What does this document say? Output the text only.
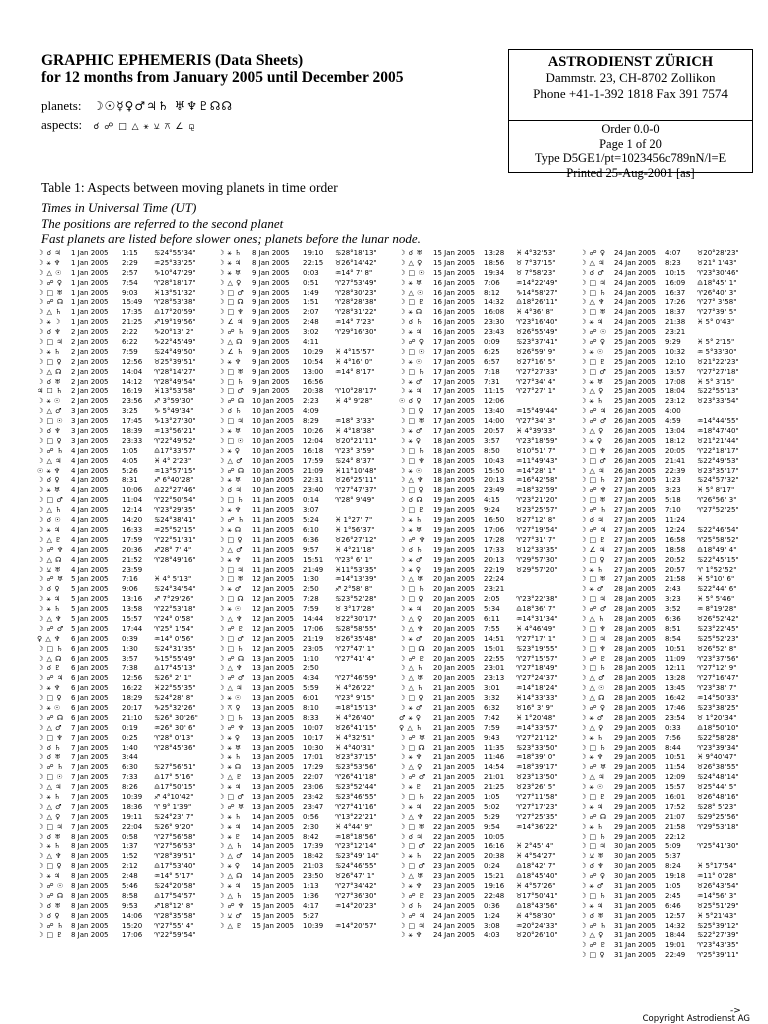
GRAPHIC EPHEMERIS (Data Sheets)
for 12 months from January 2005 until December 2005
planets: ☽☉☿♀♂♃♄ ♅♆♇☊☊
aspects: ☌ ☍ □ △ ⚹ ⚺ ⚻ ∠ ⚼
ASTRODIENST ZÜRICH
Dammstr. 23, CH-8702 Zollikon
Phone +41-1-392 1818 Fax 391 7574
Order 0.0-0
Page 1 of 20
Type D5GE1/pt=1023456c789nN/l=E
Printed 25-Aug-2001 [as]
Table 1: Aspects between moving planets in time order
Times in Universal Time (UT)
The positions are referred to the second planet
Fast planets are listed before slower ones; planets before the lunar node.
☽ ☌ ♃	1 Jan 2005 1:15 ♋24°55'34"
☽ ⚹ ♆	1 Jan 2005 2:29 ♒25°33'25"
☽ △ ☉	1 Jan 2005 2:57 ♑10°47'29"
☽ ☍ ♀	1 Jan 2005 7:54 ♈28°18'17"
☽ □ ♅	1 Jan 2005 9:03 ♓13°51'32"
☽ ☍ ☊	1 Jan 2005 15:49 ♈28°53'38"
☽ △ ♄	1 Jan 2005 17:35 ♎17°20'59"
☽ ⚹ ☽	1 Jan 2005 21:25 ♐19°19'56"
☽ ☌ ♆	2 Jan 2005 2:22 ♑20°13' 2"
☽ □ ♃	2 Jan 2005 6:22 ♑22°45'49"
☽ ⚹ ♄	2 Jan 2005 7:59 ♋24°49'50"
☽ □ ♀	2 Jan 2005 12:56 ♉25°39'51"
☽ △ ☊	2 Jan 2005 14:04 ♈28°14'27"
☽ ☌ ♅	2 Jan 2005 14:12 ♈28°49'54"
♃ ☐ ♄	2 Jan 2005 16:19 ♓13°53'58"
☽ ⚹ ☉	2 Jan 2005 23:56 ♐ 3°59'30"
☽ △ ♂	3 Jan 2005 3:25 ♑ 5°49'34"
☽ □ ☉	3 Jan 2005 17:45 ♑13°27'30"
☽ ☌ ♆	3 Jan 2005 18:39 ♒13°56'21"
☽ □ ♀	3 Jan 2005 23:33 ♈22°49'52"
☽ ☍ ♄	4 Jan 2005 1:05 ♎17°33'57"
☽ △ ♃	4 Jan 2005 4:05 ♓ 4° 2'23"
☉ ⚹ ♆	4 Jan 2005 5:26 ♒13°57'15"
☽ ☌ ♀	4 Jan 2005 8:31 ♐ 6°40'28"
☽ ⚹ ♅	4 Jan 2005 10:06 ♎22°27'46"
☽ □ ♂	4 Jan 2005 11:04 ♈22°50'54"
☽ △ ♄	4 Jan 2005 12:14 ♈23°29'35"
☽ ☌ ☉	4 Jan 2005 14:20 ♋24°38'41"
☽ ⚹ ♃	4 Jan 2005 16:33 ♒25°52'15"
☽ △ ♇	4 Jan 2005 17:59 ♈22°51'31"
☽ ☍ ♆	4 Jan 2005 20:36 ♐28° 7' 4"
☽ △ ☊	4 Jan 2005 21:52 ♈28°49'16"
☽ ⚺ ♅	4 Jan 2005 23:59
☽ ☍ ♅	5 Jan 2005 7:16 ♓ 4° 5'13"
☽ ☌ ♀	5 Jan 2005 9:06 ♋24°34'54"
☽ ⚹ ♃	5 Jan 2005 13:16 ♐ 7°29'26"
☽ ⚹ ♄	5 Jan 2005 13:58 ♈22°53'18"
☽ △ ♆	5 Jan 2005 15:57 ♈24° 0'58"
☽ ☍ ♂	5 Jan 2005 17:44 ♈25° 1'54"
♀ △ ♆	6 Jan 2005 0:39 ♒14° 0'56"
☽ □ ♄	6 Jan 2005 1:30 ♋24°31'35"
☽ △ ☊	6 Jan 2005 3:57 ♑15°55'49"
☽ ☌ ♇	6 Jan 2005 7:38 ♎17°45'13"
☽ ☍ ♃	6 Jan 2005 12:56 ♋26° 2' 1"
☽ ⚹ ♆	6 Jan 2005 16:22 ♓22°55'35"
☽ □ ♀	6 Jan 2005 18:29 ♋24°28' 8"
☽ ⚹ ☉	6 Jan 2005 20:17 ♑25°32'26"
☽ ☍ ☊	6 Jan 2005 21:10 ♋26° 30'26"
☽ △ ♂	7 Jan 2005 0:19 ♒26° 30' 6"
☽ □ ♆	7 Jan 2005 0:25 ♈28° 0'13"
☽ ☌ ♄	7 Jan 2005 1:40 ♈28°45'36"
☽ ☌ ♅	7 Jan 2005 3:44
☽ ☍ ♄	7 Jan 2005 6:30 ♋27°56'51"
☽ □ ☉	7 Jan 2005 7:33 ♎17° 5'16"
☽ △ ♃	7 Jan 2005 8:26 ♎17°50'15"
☽ ⚹ ♄	7 Jan 2005 10:39 ♐ 4°10'42"
☽ △ ♂	7 Jan 2005 18:36 ♈ 9° 1'39"
☽ △ ♀	7 Jan 2005 19:11 ♋24°23' 7"
☽ □ ♃	7 Jan 2005 22:04 ♋26° 9'20"
☽ ☌ ♅	8 Jan 2005 0:58 ♈27°56'58"
☽ ⚹ ♄	8 Jan 2005 1:37 ♈27°56'53"
☽ △ ♆	8 Jan 2005 1:52 ♈28°39'51"
☽ □ ♀	8 Jan 2005 2:12 ♎17°53'40"
☽ ⚹ ♃	8 Jan 2005 2:48 ♒14° 5'17"
☽ ☍ ☉	8 Jan 2005 5:46 ♋24°20'58"
☽ ☍ ☊	8 Jan 2005 8:58 ♎17°54'57"
☽ ☌ ♅	8 Jan 2005 9:53 ♐18°12' 8"
☽ ☌ ♀	8 Jan 2005 14:06 ♈28°35'58"
☽ ☍ ♄	8 Jan 2005 15:20 ♈27°55' 4"
☽ □ ♇	8 Jan 2005 17:06 ♈22°59'54"
☽ ⚹ ♄	8 Jan 2005 19:10 ♋28°18'13"
☽ ⚹ ♃	8 Jan 2005 22:15 ♉26°14'42"
☽ ⚹ ♅	9 Jan 2005 0:03 ♒14° 7' 8"
☽ △ ♀	9 Jan 2005 0:51 ♈27°53'49"
☽ □ ♂	9 Jan 2005 1:49 ♈28°30'23"
☽ □ ☊	9 Jan 2005 1:51 ♈28°28'38"
☽ □ ♆	9 Jan 2005 2:07 ♈28°31'22"
☽ ∠ ♃	9 Jan 2005 2:48 ♒14° 7'23"
☽ ☍ ♄	9 Jan 2005 3:02 ♈29°16'30"
☽ △ ☊	9 Jan 2005 4:11
☽ ∠ ♄	9 Jan 2005 10:29 ♓ 4°15'57"
☽ ⚹ ♆	9 Jan 2005 10:54 ♓ 4°16' 0"
☽ □ ♅	9 Jan 2005 13:00 ♒14° 8'17"
☽ □ ♄	9 Jan 2005 16:56
☽ □ ♂	9 Jan 2005 20:38 ♈10°28'17"
☽ ☍ ☊	10 Jan 2005 2:23 ♓ 4° 9'28"
☽ ☌ ♄	10 Jan 2005 4:09
☽ □ ♃	10 Jan 2005 8:29 ♒18° 3'33"
☽ ⚹ ♅	10 Jan 2005 10:26 ♓ 4°18'38"
☽ □ ☉	10 Jan 2005 12:04 ♉20°21'11"
☽ ⚹ ♀	10 Jan 2005 16:18 ♈23° 3'59"
☽ △ ♂	10 Jan 2005 17:59 ♋24° 8'37"
☽ ☍ ☊	10 Jan 2005 21:09 ♓11°10'48"
☽ ⚹ ♅	10 Jan 2005 22:31 ♉26°25'11"
☽ ☌ ♃	10 Jan 2005 23:40 ♈27°47'37"
☽ □ ♄	11 Jan 2005 0:14 ♈28° 9'49"
☽ ⚹ ♆	11 Jan 2005 3:07
☽ ☍ ♄	11 Jan 2005 5:24 ♓ 1°27' 7"
☽ ⚹ ☊	11 Jan 2005 6:10 ♓ 1°56'37"
☽ □ ♀	11 Jan 2005 6:36 ♉26°27'12"
☽ △ ♂	11 Jan 2005 9:57 ♓ 4°21'18"
☽ ⚹ ♆	11 Jan 2005 15:51 ♈23° 6' 1"
☽ □ ♃	11 Jan 2005 21:49 ♓11°53'35"
☽ □ ♅	12 Jan 2005 1:30 ♒14°13'39"
☽ ⚹ ♂	12 Jan 2005 2:50 ♐ 2°58' 8"
☽ □ ☊	12 Jan 2005 7:28 ♋23°52'28"
☽ ⚹ ☉	12 Jan 2005 7:59 ♉ 3°17'28"
☽ △ ♆	12 Jan 2005 14:44 ♉22°30'17"
☽ ☍ ♇	12 Jan 2005 17:06 ♋28°58'55"
☽ □ ♂	12 Jan 2005 21:19 ♉26°35'48"
☽ □ ♄	12 Jan 2005 23:05 ♈27°47' 1"
☽ ☍ ☊	13 Jan 2005 1:10 ♈27°41' 4"
☽ △ ♆	13 Jan 2005 2:50
☽ ☍ ♂	13 Jan 2005 4:34 ♈27°46'59"
☽ △ ♃	13 Jan 2005 5:59 ♓ 4°26'22"
☽ ⚹ ☉	13 Jan 2005 6:01 ♈23° 9'15"
☽ ⚻ ♀	13 Jan 2005 8:10 ♒18°15'13"
☽ □ ♄	13 Jan 2005 8:33 ♓ 4°26'40"
☽ ☍ ♆	13 Jan 2005 10:07 ♉26°41'15"
☽ ⚹ ♀	13 Jan 2005 10:17 ♓ 4°32'51"
☽ ⚹ ♅	13 Jan 2005 10:30 ♓ 4°40'31"
☽ ⚹ ♄	13 Jan 2005 17:01 ♉23°37'15"
☽ ⚹ ☊	13 Jan 2005 17:29 ♋23°53'56"
☽ △ ♇	13 Jan 2005 22:07 ♈26°41'18"
☽ ⚹ ♃	13 Jan 2005 23:06 ♋23°52'44"
☽ □ ♂	13 Jan 2005 23:42 ♋23°46'55"
☽ ☍ ♅	13 Jan 2005 23:47 ♈27°41'16"
☽ ⚹ ♄	14 Jan 2005 0:56 ♈13°22'21"
☽ ⚹ ♃	14 Jan 2005 2:30 ♓ 4°44' 9"
☽ ⚹ ♇	14 Jan 2005 8:42 ♒18°18'56"
☽ △ ♄	14 Jan 2005 17:39 ♈23°12'14"
☽ △ ♂	14 Jan 2005 18:42 ♋23°49' 14"
☽ ⚹ ♀	14 Jan 2005 21:03 ♋24°46'55"
☽ △ ☊	14 Jan 2005 23:50 ♉26°47' 1"
☽ ⚹ ♃	15 Jan 2005 1:13 ♈27°34'42"
☽ △ ♄	15 Jan 2005 1:36 ♈27°36'30"
☽ ☍ ♆	15 Jan 2005 4:17 ♒14°20'23"
☽ ⚺ ♂	15 Jan 2005 5:27
☽ △ ♇	15 Jan 2005 10:39 ♒14°20'57"
☽ ☌ ♅	15 Jan 2005 13:28 ♓ 4°32'53"
☽ △ ♀	15 Jan 2005 18:56 ♉ 7°37'15"
☽ □ ☉	15 Jan 2005 19:34 ♉ 7°58'23"
☽ ⚹ ♅	16 Jan 2005 7:06 ♒14°22'49"
☽ △ ☉	16 Jan 2005 8:12 ♑14°58'27"
☽ □ ♇	16 Jan 2005 14:32 ♎18°26'11"
☽ ⚹ ☊	16 Jan 2005 16:08 ♓ 4°36' 8"
☽ ☌ ♄	16 Jan 2005 23:30 ♈23°16'40"
☽ ⚹ ♃	16 Jan 2005 23:43 ♉26°55'49"
☽ ☍ ♀	17 Jan 2005 0:09 ♋23°37'41"
☽ □ ☉	17 Jan 2005 6:25 ♉26°59' 9"
☽ ⚹ ☉	17 Jan 2005 6:57 ♉27°16' 5"
☽ □ ♄	17 Jan 2005 7:18 ♈27°27'33"
☽ ⚹ ♂	17 Jan 2005 7:31 ♈27°34' 4"
☽ ⚹ ♃	17 Jan 2005 11:15 ♈27°27' 1"
☉ ☌ ♀	17 Jan 2005 12:06
☽ □ ♀	17 Jan 2005 13:40 ♒15°49'44"
☽ □ ♅	17 Jan 2005 14:00 ♈27°34' 3"
☽ ⚹ ♂	17 Jan 2005 20:57 ♓ 4°39'33"
☽ ⚹ ♀	18 Jan 2005 3:57 ♈23°18'59"
☽ □ ♄	18 Jan 2005 8:50 ♉10°51' 7"
☽ □ ♆	18 Jan 2005 10:43 ♒11°49'43"
☽ ⚹ ☉	18 Jan 2005 15:50 ♒14°28' 1"
☽ △ ♆	18 Jan 2005 20:13 ♒16°42'58"
☽ □ ♀	18 Jan 2005 23:49 ♒18°32'59"
☽ ☌ ☊	19 Jan 2005 4:15 ♈23°21'20"
☽ □ ♇	19 Jan 2005 9:24 ♉23°25'57"
☽ ⚹ ♄	19 Jan 2005 16:50 ♉27°12' 8"
☽ ⚹ ♅	19 Jan 2005 17:06 ♈27°19'54"
☽ ☍ ♆	19 Jan 2005 17:28 ♈27°31' 7"
☽ ☌ ♄	19 Jan 2005 17:33 ♉12°33'35"
☽ ⚹ ♂	19 Jan 2005 20:13 ♈29°57'30"
☽ ⚹ ♀	19 Jan 2005 22:19 ♉29°57'20"
☽ △ ♅	20 Jan 2005 22:24
☽ □ ♄	20 Jan 2005 23:21
☽ □ ♀	20 Jan 2005 2:05 ♈23°22'38"
☽ ⚹ ♃	20 Jan 2005 5:34 ♎18°36' 7"
☽ △ ♀	20 Jan 2005 6:11 ♒14°31'34"
☽ △ ♆	20 Jan 2005 7:55 ♓ 4°46'49"
☽ ⚹ ♂	20 Jan 2005 14:51 ♈27°17' 1"
☽ □ ☊	20 Jan 2005 15:01 ♋23°19'55"
☽ ☍ ♇	20 Jan 2005 22:55 ♈27°15'57"
☽ △ ♄	20 Jan 2005 23:01 ♈27°18'49"
☽ △ ♅	20 Jan 2005 23:13 ♈27°24'37"
☽ △ ♄	21 Jan 2005 3:01 ♒14°18'24"
☽ □ ♀	21 Jan 2005 3:32 ♓14°33'33"
☽ ⚹ ♂	21 Jan 2005 6:32 ♉16° 3' 9"
♂ ⚹ ♀	21 Jan 2005 7:42 ♓ 1°20'48"
♀ △ ♄	21 Jan 2005 7:59 ♒14°33'57"
☽ ☍ ♅	21 Jan 2005 9:43 ♈27°21'12"
☽ □ ☊	21 Jan 2005 11:35 ♋23°33'50"
☽ ⚹ ♆	21 Jan 2005 11:46 ♒18°39' 0"
☽ △ ♀	21 Jan 2005 14:54 ♒18°39'17"
☽ ☍ ♂	21 Jan 2005 21:01 ♉23°13'50"
☽ ⚹ ♇	21 Jan 2005 21:25 ♉23°26' 5"
☽ □ ♄	22 Jan 2005 1:05 ♈27°11'58"
☽ ⚹ ♃	22 Jan 2005 5:02 ♈27°17'23"
☽ △ ♆	22 Jan 2005 5:29 ♈27°25'35"
☽ □ ♅	22 Jan 2005 9:54 ♒14°36'22"
☽ ☌ ♃	22 Jan 2005 10:05
☽ □ ♂	22 Jan 2005 16:16 ♓ 2°45' 4"
☽ ⚹ ♄	22 Jan 2005 20:38 ♓ 4°54'27"
☽ □ ♂	23 Jan 2005 0:24 ♎18°42' 7"
☽ △ ♅	23 Jan 2005 15:21 ♎18°45'40"
☽ ⚹ ♆	23 Jan 2005 19:16 ♓ 4°57'26"
☽ ☍ ♇	23 Jan 2005 22:48 ♉17°50'41"
☽ ☌ ♄	24 Jan 2005 0:36 ♎18°43'56"
☽ ☍ ♃	24 Jan 2005 1:24 ♓ 4°58'30"
☽ □ ♃	24 Jan 2005 3:08 ♒20°24'33"
☽ ⚹ ♆	24 Jan 2005 4:03 ♉20°26'10"
☽ ☍ ♀	24 Jan 2005 4:07 ♉20°28'23"
☽ △ ♃	24 Jan 2005 8:23 ♉21° 1'43"
☽ ☌ ♂	24 Jan 2005 10:15 ♈23°30'46"
☽ □ ♃	24 Jan 2005 16:09 ♎18°45' 1"
☽ □ ♄	24 Jan 2005 16:37 ♈26°40' 3"
☽ △ ♆	24 Jan 2005 17:26 ♈27° 3'58"
☽ □ ♅	24 Jan 2005 18:37 ♈27°39' 5"
☽ ⚹ ♃	24 Jan 2005 21:38 ♓ 5° 0'43"
☽ ☍ ☉	25 Jan 2005 23:21
☽ ☍ ♀	25 Jan 2005 9:29 ♓ 5° 2'15"
☽ ⚹ ☉	25 Jan 2005 10:32 ♒ 5°33'30"
☽ □ ♇	25 Jan 2005 12:10 ♉21°22'23"
☽ □ ♂	25 Jan 2005 13:57 ♈27°27'18"
☽ ⚹ ♅	25 Jan 2005 17:08 ♓ 5° 3'15"
☽ △ ♀	25 Jan 2005 18:04 ♋22°55'13"
☽ ⚹ ♄	25 Jan 2005 23:12 ♉23°33'54"
☽ ☍ ♃	26 Jan 2005 4:00
☽ ☍ ♂	26 Jan 2005 4:59 ♒14°44'55"
☽ △ ♀	26 Jan 2005 13:04 ♒18°47'40"
☽ ⚹ ♀	26 Jan 2005 18:12 ♉21°21'44"
☽ □ ♆	26 Jan 2005 20:05 ♈22°18'17"
☽ □ ♂	26 Jan 2005 21:41 ♋22°49'53"
☽ △ ♃	26 Jan 2005 22:39 ♉23°35'17"
☽ □ ♄	27 Jan 2005 1:23 ♋24°57'32"
☽ ☍ ♆	27 Jan 2005 3:23 ♓ 5° 8'17"
☽ □ ♅	27 Jan 2005 5:18 ♈26°56' 3"
☽ ☍ ♄	27 Jan 2005 7:10 ♈27°52'25"
☽ ☌ ♃	27 Jan 2005 11:24
☽ ☍ ♃	27 Jan 2005 12:24 ♋22°46'54"
☽ □ ♇	27 Jan 2005 16:58 ♈25°58'52"
☽ ∠ ♃	27 Jan 2005 18:58 ♎18°49' 4"
☽ □ ♀	27 Jan 2005 20:52 ♋22°45'15"
☽ ⚹ ♄	27 Jan 2005 20:57 ♈ 1°52'52"
☽ □ ♅	27 Jan 2005 21:58 ♓ 5°10' 6"
☽ ⚹ ♂	28 Jan 2005 2:43 ♋22°44' 6"
☽ □ ♃	28 Jan 2005 3:23 ♓ 5° 5'46"
☽ ☍ ♂	28 Jan 2005 3:52 ♒ 8°19'28"
☽ △ ♄	28 Jan 2005 6:36 ♉26°52'42"
☽ □ ♆	28 Jan 2005 8:51 ♋23°22'45"
☽ □ ♃	28 Jan 2005 8:54 ♋25°52'23"
☽ □ ♆	28 Jan 2005 10:51 ♉26°52' 8"
☽ ☍ ♇	28 Jan 2005 11:09 ♈23°37'56"
☽ □ ♄	28 Jan 2005 12:11 ♈27°12' 9"
☽ △ ♂	28 Jan 2005 13:28 ♈27°16'47"
☽ △ ☉	28 Jan 2005 13:45 ♈23°38' 7"
☽ △ ☊	28 Jan 2005 16:42 ♒14°50'33"
☽ ☍ ♀	28 Jan 2005 17:46 ♋23°38'25"
☽ ⚹ ♂	28 Jan 2005 23:54 ♉ 1°20'34"
☽ △ ♀	29 Jan 2005 0:33 ♎18°50'10"
☽ ⚹ ♄	29 Jan 2005 7:56 ♋22°58'28"
☽ □ ♄	29 Jan 2005 8:44 ♈23°39'34"
☽ ⚹ ♆	29 Jan 2005 10:51 ♓ 9°40'47"
☽ ☍ ♅	29 Jan 2005 11:54 ♉26°38'55"
☽ △ ♃	29 Jan 2005 12:09 ♋24°48'14"
☽ ⚹ ☉	29 Jan 2005 15:57 ♉25°44' 5"
☽ □ ♇	29 Jan 2005 16:01 ♉26°48'16"
☽ ⚹ ♃	29 Jan 2005 17:52 ♋28° 5'23"
☽ ☍ ☊	29 Jan 2005 21:07 ♋29°25'56"
☽ ⚹ ♄	29 Jan 2005 21:58 ♈29°53'18"
☽ □ ♄	29 Jan 2005 22:12
☽ □ ♃	30 Jan 2005 5:09 ♈25°41'30"
☽ ⚺ ♅	30 Jan 2005 5:37
☽ ☌ ♆	30 Jan 2005 8:24 ♓ 5°17'54"
☽ ☍ ♀	30 Jan 2005 19:18 ♒11° 0'28"
☽ ⚹ ♂	31 Jan 2005 1:05 ♉26°43'54"
☽ □ ♄	31 Jan 2005 2:45 ♒14°56' 3"
☽ ⚹ ♃	31 Jan 2005 6:46 ♉25°51'29"
☽ ☌ ♅	31 Jan 2005 12:57 ♓ 5°21'43"
☽ ☍ ♄	31 Jan 2005 14:32 ♋25°39'12"
☽ △ ♀	31 Jan 2005 18:44 ♋22°27'39"
☽ ☍ ♇	31 Jan 2005 19:01 ♈23°43'35"
☽ □ ♀	31 Jan 2005 22:49 ♈25°39'11"
->
Copyright Astrodienst AG
